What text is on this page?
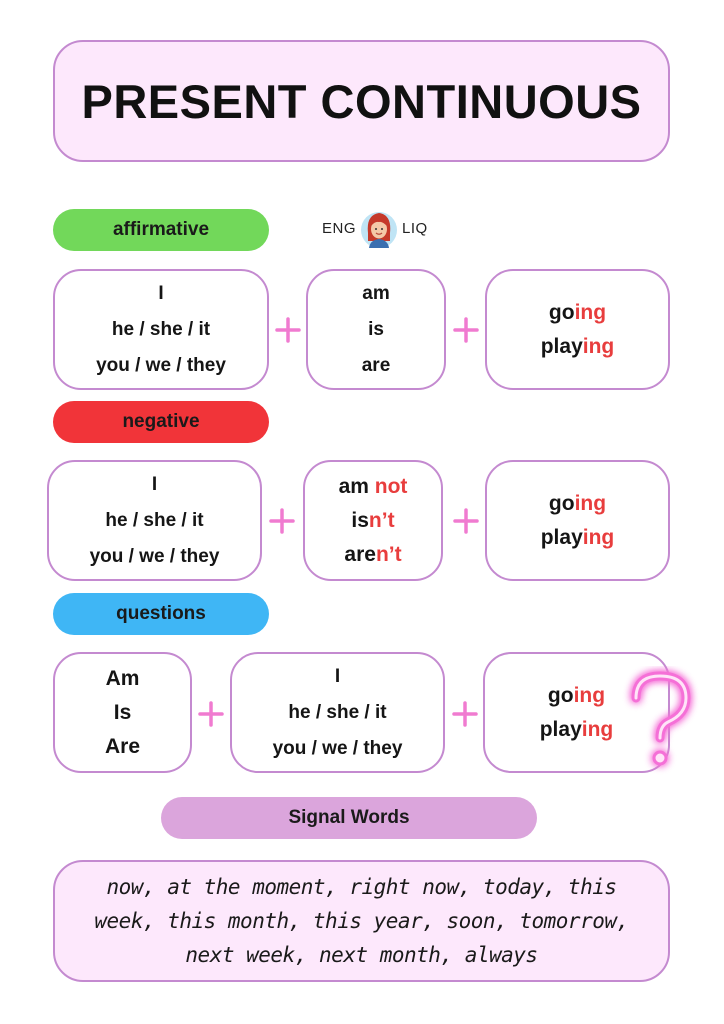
PRESENT CONTINUOUS
affirmative	ENG	LIQ
I
he / she / it
you / we / they
am
is
are
going
playing
negative
I
he / she / it
you / we / they
am not
isn’t
aren’t
going
playing
questions
Am
Is
Are
I
he / she / it
you / we / they
going
playing
Signal Words
now, at the moment, right now, today, this
week, this month, this year, soon, tomorrow,
next week, next month, always
